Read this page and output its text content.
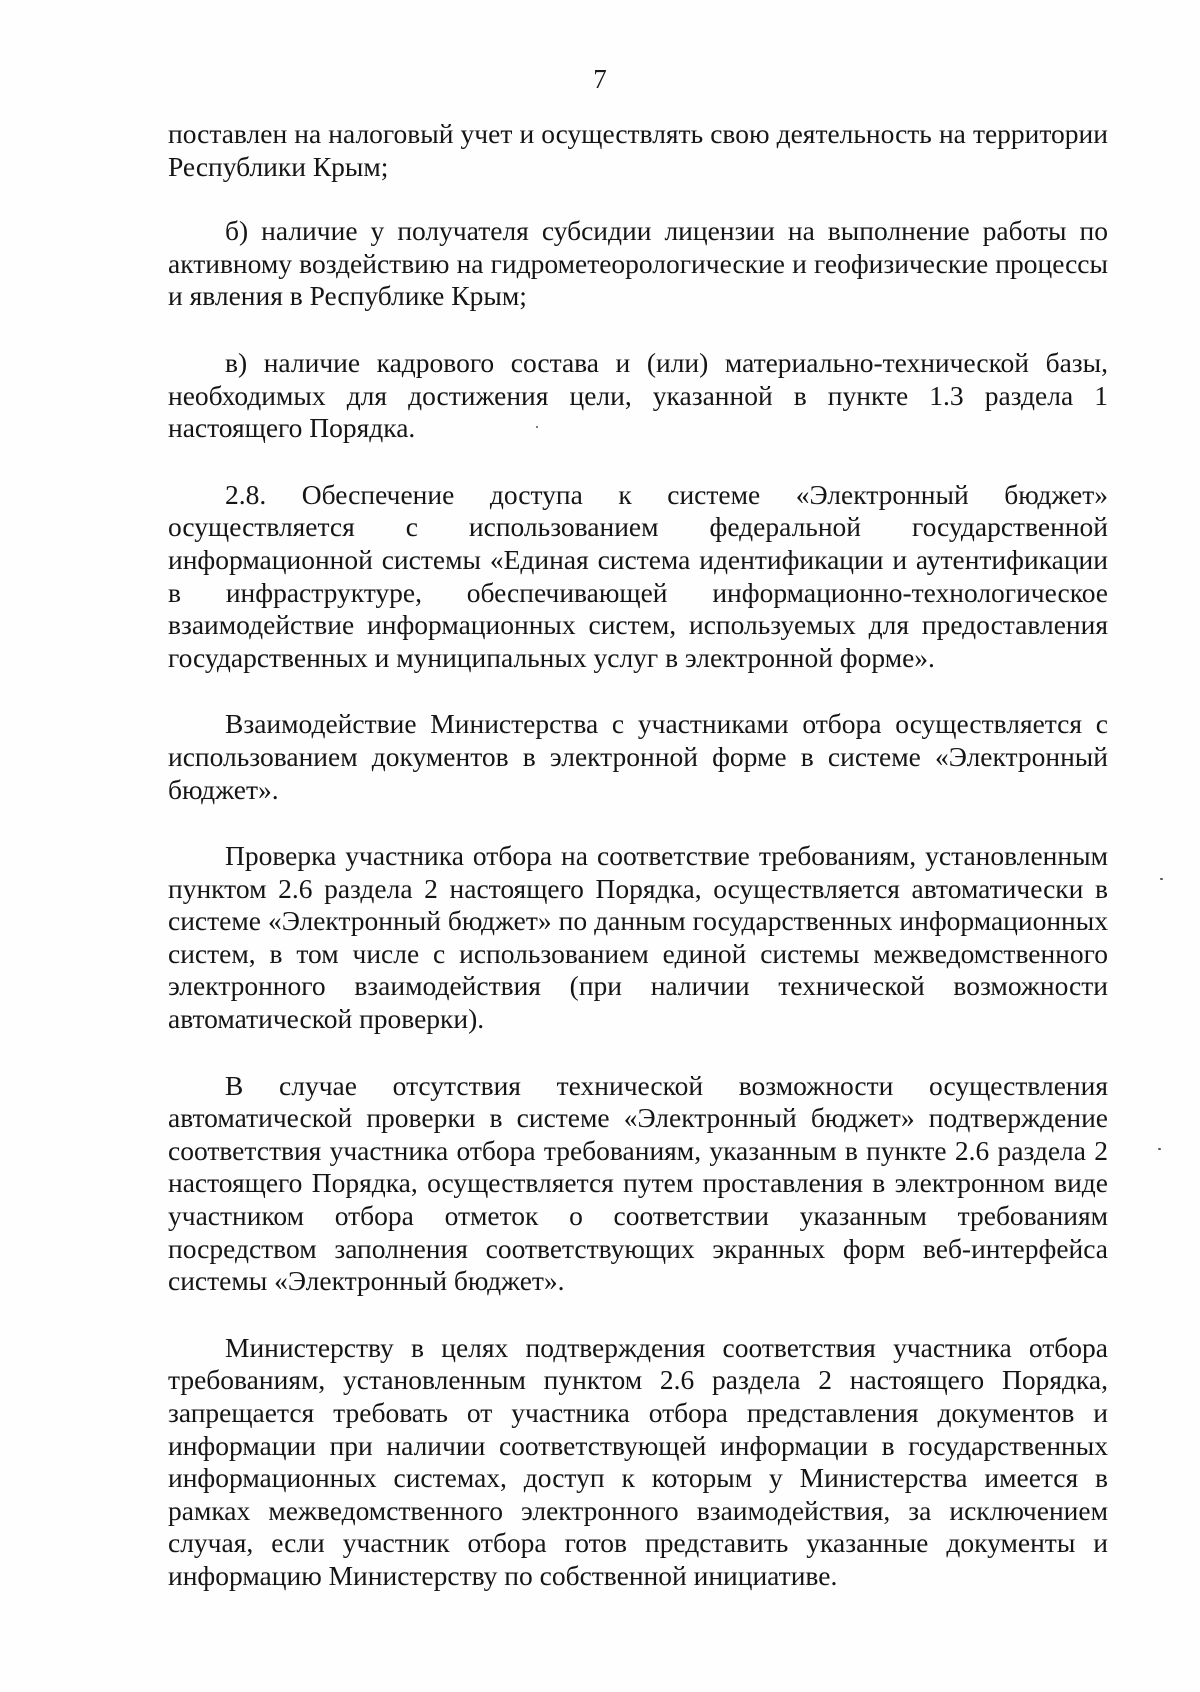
7

поставлен на налоговый учет и осуществлять свою деятельность на территории Республики Крым;

б) наличие у получателя субсидии лицензии на выполнение работы по активному воздействию на гидрометеорологические и геофизические процессы и явления в Республике Крым;

в) наличие кадрового состава и (или) материально-технической базы, необходимых для достижения цели, указанной в пункте 1.3 раздела 1 настоящего Порядка.

2.8. Обеспечение доступа к системе «Электронный бюджет» осуществляется с использованием федеральной государственной информационной системы «Единая система идентификации и аутентификации в инфраструктуре, обеспечивающей информационно-технологическое взаимодействие информационных систем, используемых для предоставления государственных и муниципальных услуг в электронной форме».

Взаимодействие Министерства с участниками отбора осуществляется с использованием документов в электронной форме в системе «Электронный бюджет».

Проверка участника отбора на соответствие требованиям, установленным пунктом 2.6 раздела 2 настоящего Порядка, осуществляется автоматически в системе «Электронный бюджет» по данным государственных информационных систем, в том числе с использованием единой системы межведомственного электронного взаимодействия (при наличии технической возможности автоматической проверки).

В случае отсутствия технической возможности осуществления автоматической проверки в системе «Электронный бюджет» подтверждение соответствия участника отбора требованиям, указанным в пункте 2.6 раздела 2 настоящего Порядка, осуществляется путем проставления в электронном виде участником отбора отметок о соответствии указанным требованиям посредством заполнения соответствующих экранных форм веб-интерфейса системы «Электронный бюджет».

Министерству в целях подтверждения соответствия участника отбора требованиям, установленным пунктом 2.6 раздела 2 настоящего Порядка, запрещается требовать от участника отбора представления документов и информации при наличии соответствующей информации в государственных информационных системах, доступ к которым у Министерства имеется в рамках межведомственного электронного взаимодействия, за исключением случая, если участник отбора готов представить указанные документы и информацию Министерству по собственной инициативе.
